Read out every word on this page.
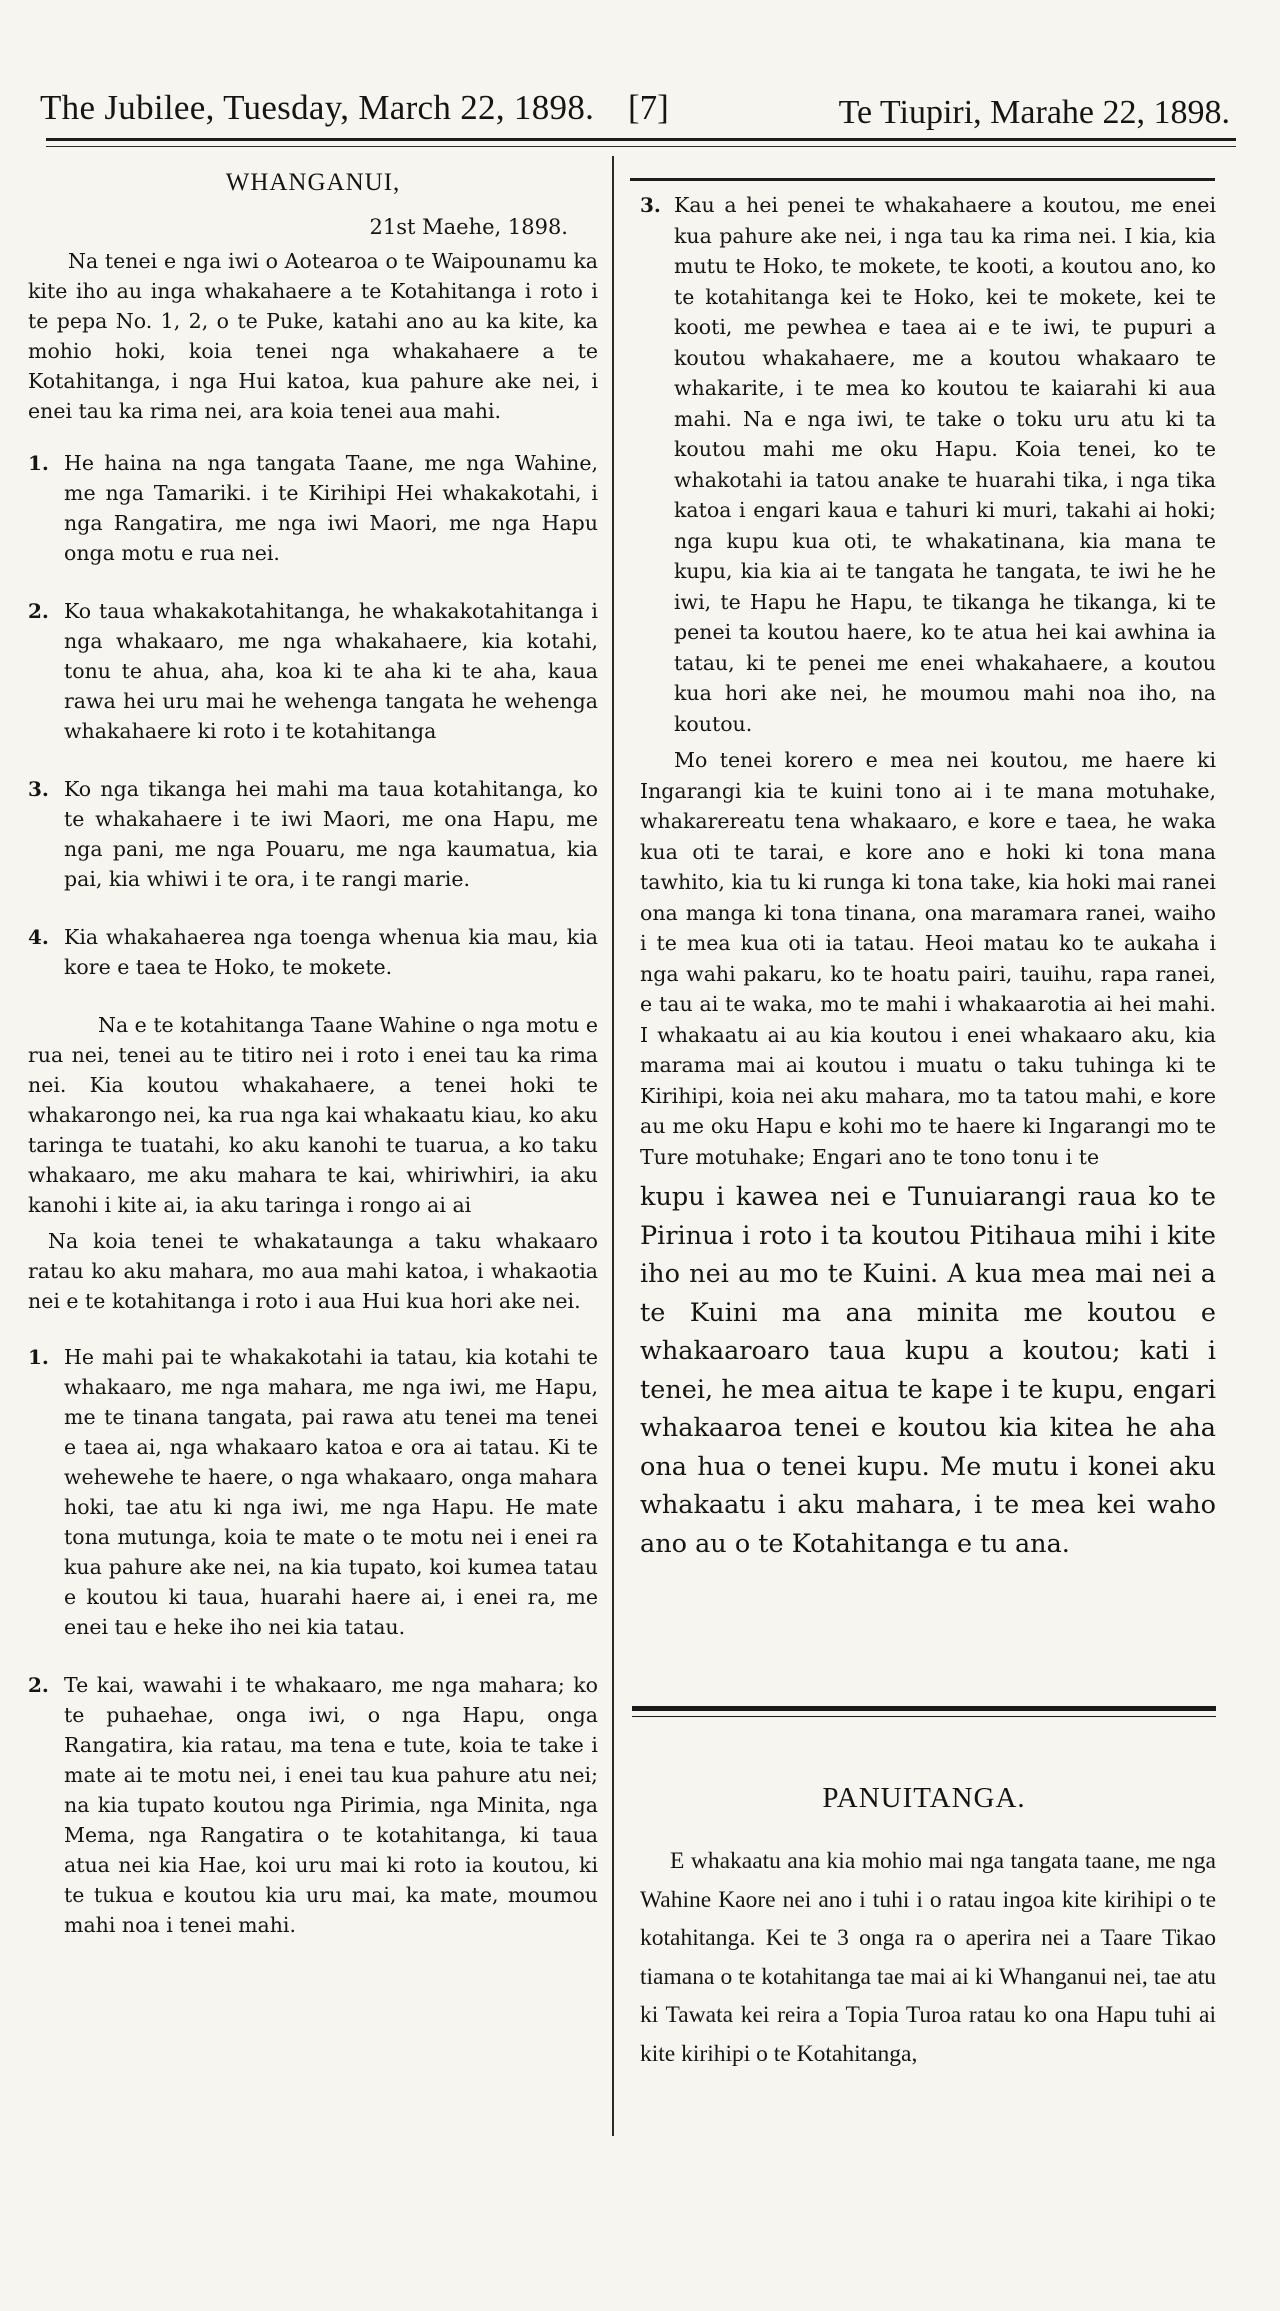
The Jubilee, Tuesday, March 22, 1898. [7]	Te Tiupiri, Marahe 22, 1898.
WHANGANUI,
21st Maehe, 1898.

Na tenei e nga iwi o Aotearoa o te Waipounamu ka kite iho au inga whakahaere a te Kotahitanga i roto i te pepa No. 1, 2, o te Puke, katahi ano au ka kite, ka mohio hoki, koia tenei nga whakahaere a te Kotahitanga, i nga Hui katoa, kua pahure ake nei, i enei tau ka rima nei, ara koia tenei aua mahi.

1. He haina na nga tangata Taane, me nga Wahine, me nga Tamariki. i te Kirihipi Hei whakakotahi, i nga Rangatira, me nga iwi Maori, me nga Hapu onga motu e rua nei.
2. Ko taua whakakotahitanga, he whakakotahitanga i nga whakaaro, me nga whakahaere, kia kotahi, tonu te ahua, aha, koa ki te aha ki te aha, kaua rawa hei uru mai he wehenga tangata he wehenga whakahaere ki roto i te kotahitanga
3. Ko nga tikanga hei mahi ma taua kotahitanga, ko te whakahaere i te iwi Maori, me ona Hapu, me nga pani, me nga Pouaru, me nga kaumatua, kia pai, kia whiwi i te ora, i te rangi marie.
4. Kia whakahaerea nga toenga whenua kia mau, kia kore e taea te Hoko, te mokete.

Na e te kotahitanga Taane Wahine o nga motu e rua nei, tenei au te titiro nei i roto i enei tau ka rima nei. Kia koutou whakahaere, a tenei hoki te whakarongo nei, ka rua nga kai whakaatu kiau, ko aku taringa te tuatahi, ko aku kanohi te tuarua, a ko taku whakaaro, me aku mahara te kai, whiriwhiri, ia aku kanohi i kite ai, ia aku taringa i rongo ai ai

Na koia tenei te whakataunga a taku whakaaro ratau ko aku mahara, mo aua mahi katoa, i whakaotia nei e te kotahitanga i roto i aua Hui kua hori ake nei.

1. He mahi pai te whakakotahi ia tatau, kia kotahi te whakaaro, me nga mahara, me nga iwi, me Hapu, me te tinana tangata, pai rawa atu tenei ma tenei e taea ai, nga whakaaro katoa e ora ai tatau. Ki te wehewehe te haere, o nga whakaaro, onga mahara hoki, tae atu ki nga iwi, me nga Hapu. He mate tona mutunga, koia te mate o te motu nei i enei ra kua pahure ake nei, na kia tupato, koi kumea tatau e koutou ki taua, huarahi haere ai, i enei ra, me enei tau e heke iho nei kia tatau.
2. Te kai, wawahi i te whakaaro, me nga mahara; ko te puhaehae, onga iwi, o nga Hapu, onga Rangatira, kia ratau, ma tena e tute, koia te take i mate ai te motu nei, i enei tau kua pahure atu nei; na kia tupato koutou nga Pirimia, nga Minita, nga Mema, nga Rangatira o te kotahitanga, ki taua atua nei kia Hae, koi uru mai ki roto ia koutou, ki te tukua e koutou kia uru mai, ka mate, moumou mahi noa i tenei mahi.
3. Kau a hei penei te whakahaere a koutou, me enei kua pahure ake nei, i nga tau ka rima nei. I kia, kia mutu te Hoko, te mokete, te kooti, a koutou ano, ko te kotahitanga kei te Hoko, kei te mokete, kei te kooti, me pewhea e taea ai e te iwi, te pupuri a koutou whakahaere, me a koutou whakaaro te whakarite, i te mea ko koutou te kaiarahi ki aua mahi. Na e nga iwi, te take o toku uru atu ki ta koutou mahi me oku Hapu. Koia tenei, ko te whakotahi ia tatou anake te huarahi tika, i nga tika katoa i engari kaua e tahuri ki muri, takahi ai hoki; nga kupu kua oti, te whakatinana, kia mana te kupu, kia kia ai te tangata he tangata, te iwi he he iwi, te Hapu he Hapu, te tikanga he tikanga, ki te penei ta koutou haere, ko te atua hei kai awhina ia tatau, ki te penei me enei whakahaere, a koutou kua hori ake nei, he moumou mahi noa iho, na koutou.

Mo tenei korero e mea nei koutou, me haere ki Ingarangi kia te kuini tono ai i te mana motuhake, whakarereatu tena whakaaro, e kore e taea, he waka kua oti te tarai, e kore ano e hoki ki tona mana tawhito, kia tu ki runga ki tona take, kia hoki mai ranei ona manga ki tona tinana, ona maramara ranei, waiho i te mea kua oti ia tatau. Heoi matau ko te aukaha i nga wahi pakaru, ko te hoatu pairi, tauihu, rapa ranei, e tau ai te waka, mo te mahi i whakaarotia ai hei mahi. I whakaatu ai au kia koutou i enei whakaaro aku, kia marama mai ai koutou i muatu o taku tuhinga ki te Kirihipi, koia nei aku mahara, mo ta tatou mahi, e kore au me oku Hapu e kohi mo te haere ki Ingarangi mo te Ture motuhake; Engari ano te tono tonu i te

kupu i kawea nei e Tunuiarangi raua ko te Pirinua i roto i ta koutou Pitihaua mihi i kite iho nei au mo te Kuini. A kua mea mai nei a te Kuini ma ana minita me koutou e whakaaroaro taua kupu a koutou; kati i tenei, he mea aitua te kape i te kupu, engari whakaaroa tenei e koutou kia kitea he aha ona hua o tenei kupu. Me mutu i konei aku whakaatu i aku mahara, i te mea kei waho ano au o te Kotahitanga e tu ana.

PANUITANGA.

E whakaatu ana kia mohio mai nga tangata taane, me nga Wahine Kaore nei ano i tuhi i o ratau ingoa kite kirihipi o te kotahitanga. Kei te 3 onga ra o aperira nei a Taare Tikao tiamana o te kotahitanga tae mai ai ki Whanganui nei, tae atu ki Tawata kei reira a Topia Turoa ratau ko ona Hapu tuhi ai kite kirihipi o te Kotahitanga,
